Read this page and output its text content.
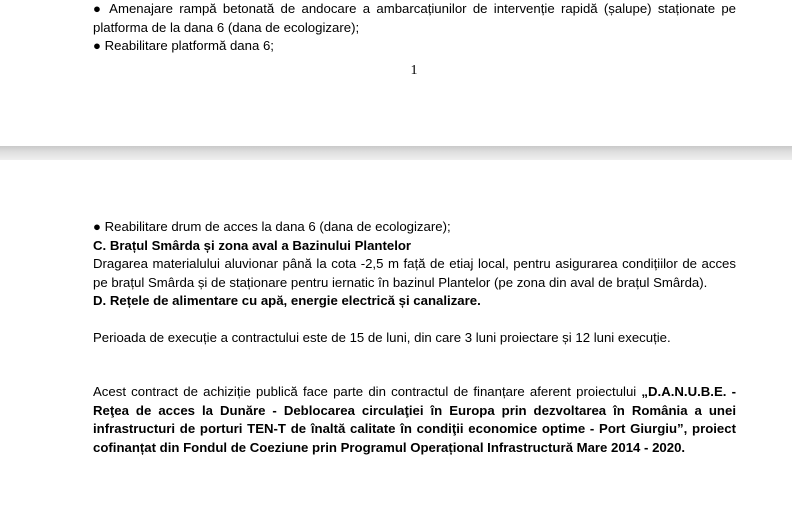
● Amenajare rampă betonată de andocare a ambarcațiunilor de intervenție rapidă (șalupe) staționate pe platforma de la dana 6 (dana de ecologizare);

● Reabilitare platformă dana 6;

1

● Reabilitare drum de acces la dana 6 (dana de ecologizare);

C. Brațul Smârda și zona aval a Bazinului Plantelor

Dragarea materialului aluvionar până la cota -2,5 m față de etiaj local, pentru asigurarea condițiilor de acces pe brațul Smârda și de staționare pentru iernatic în bazinul Plantelor (pe zona din aval de brațul Smârda).

D. Rețele de alimentare cu apă, energie electrică și canalizare.

Perioada de execuție a contractului este de 15 de luni, din care 3 luni proiectare și 12 luni execuție.

Acest contract de achiziție publică face parte din contractul de finanțare aferent proiectului „D.A.N.U.B.E. - Reţea de acces la Dunăre - Deblocarea circulaţiei în Europa prin dezvoltarea în România a unei infrastructuri de porturi TEN-T de înaltă calitate în condiţii economice optime - Port Giurgiu”, proiect cofinanțat din Fondul de Coeziune prin Programul Operațional Infrastructură Mare 2014 - 2020.
